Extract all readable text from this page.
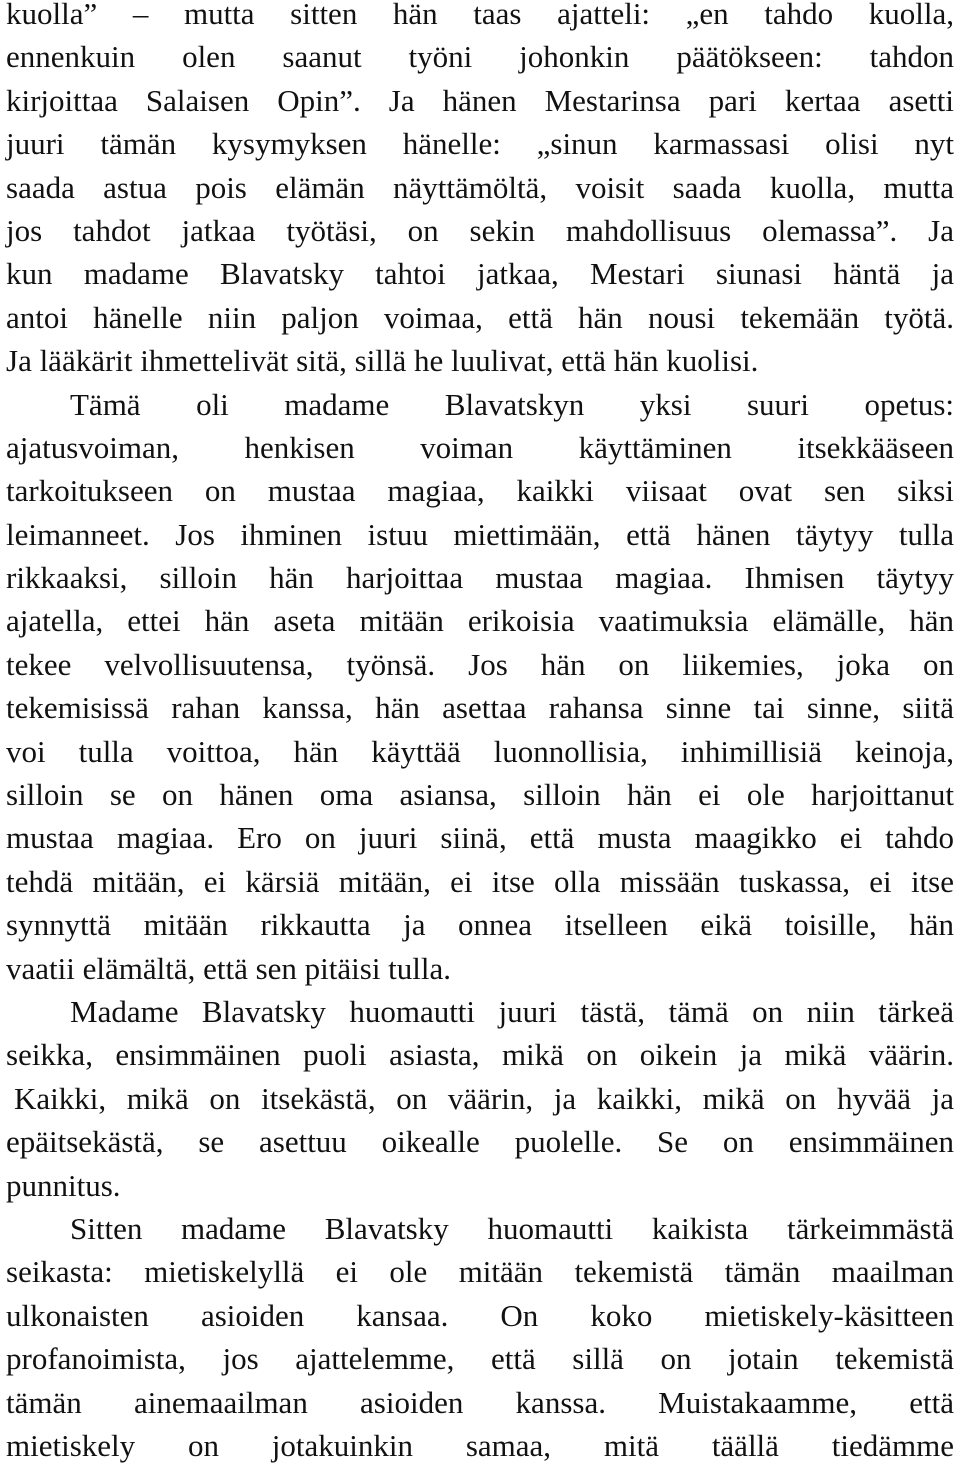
kuolla” – mutta sitten hän taas ajatteli: „en tahdo kuolla,
ennenkuin olen saanut työni johonkin päätökseen: tahdon
kirjoittaa Salaisen Opin”. Ja hänen Mestarinsa pari kertaa asetti
juuri tämän kysymyksen hänelle: „sinun karmassasi olisi nyt
saada astua pois elämän näyttämöltä, voisit saada kuolla, mutta
jos tahdot jatkaa työtäsi, on sekin mahdollisuus olemassa”. Ja
kun madame Blavatsky tahtoi jatkaa, Mestari siunasi häntä ja
antoi hänelle niin paljon voimaa, että hän nousi tekemään työtä.
Ja lääkärit ihmettelivät sitä, sillä he luulivat, että hän kuolisi.
Tämä oli madame Blavatskyn yksi suuri opetus:
ajatusvoiman, henkisen voiman käyttäminen itsekkääseen
tarkoitukseen on mustaa magiaa, kaikki viisaat ovat sen siksi
leimanneet. Jos ihminen istuu miettimään, että hänen täytyy tulla
rikkaaksi, silloin hän harjoittaa mustaa magiaa. Ihmisen täytyy
ajatella, ettei hän aseta mitään erikoisia vaatimuksia elämälle, hän
tekee velvollisuutensa, työnsä. Jos hän on liikemies, joka on
tekemisissä rahan kanssa, hän asettaa rahansa sinne tai sinne, siitä
voi tulla voittoa, hän käyttää luonnollisia, inhimillisiä keinoja,
silloin se on hänen oma asiansa, silloin hän ei ole harjoittanut
mustaa magiaa. Ero on juuri siinä, että musta maagikko ei tahdo
tehdä mitään, ei kärsiä mitään, ei itse olla missään tuskassa, ei itse
synnyttä mitään rikkautta ja onnea itselleen eikä toisille, hän
vaatii elämältä, että sen pitäisi tulla.
Madame Blavatsky huomautti juuri tästä, tämä on niin tärkeä
seikka, ensimmäinen puoli asiasta, mikä on oikein ja mikä väärin.
Kaikki, mikä on itsekästä, on väärin, ja kaikki, mikä on hyvää ja
epäitsekästä, se asettuu oikealle puolelle. Se on ensimmäinen
punnitus.
Sitten madame Blavatsky huomautti kaikista tärkeimmästä
seikasta: mietiskelyllä ei ole mitään tekemistä tämän maailman
ulkonaisten asioiden kansaa. On koko mietiskely-käsitteen
profanoimista, jos ajattelemme, että sillä on jotain tekemistä
tämän ainemaailman asioiden kanssa. Muistakaamme, että
mietiskely on jotakuinkin samaa, mitä täällä tiedämme
